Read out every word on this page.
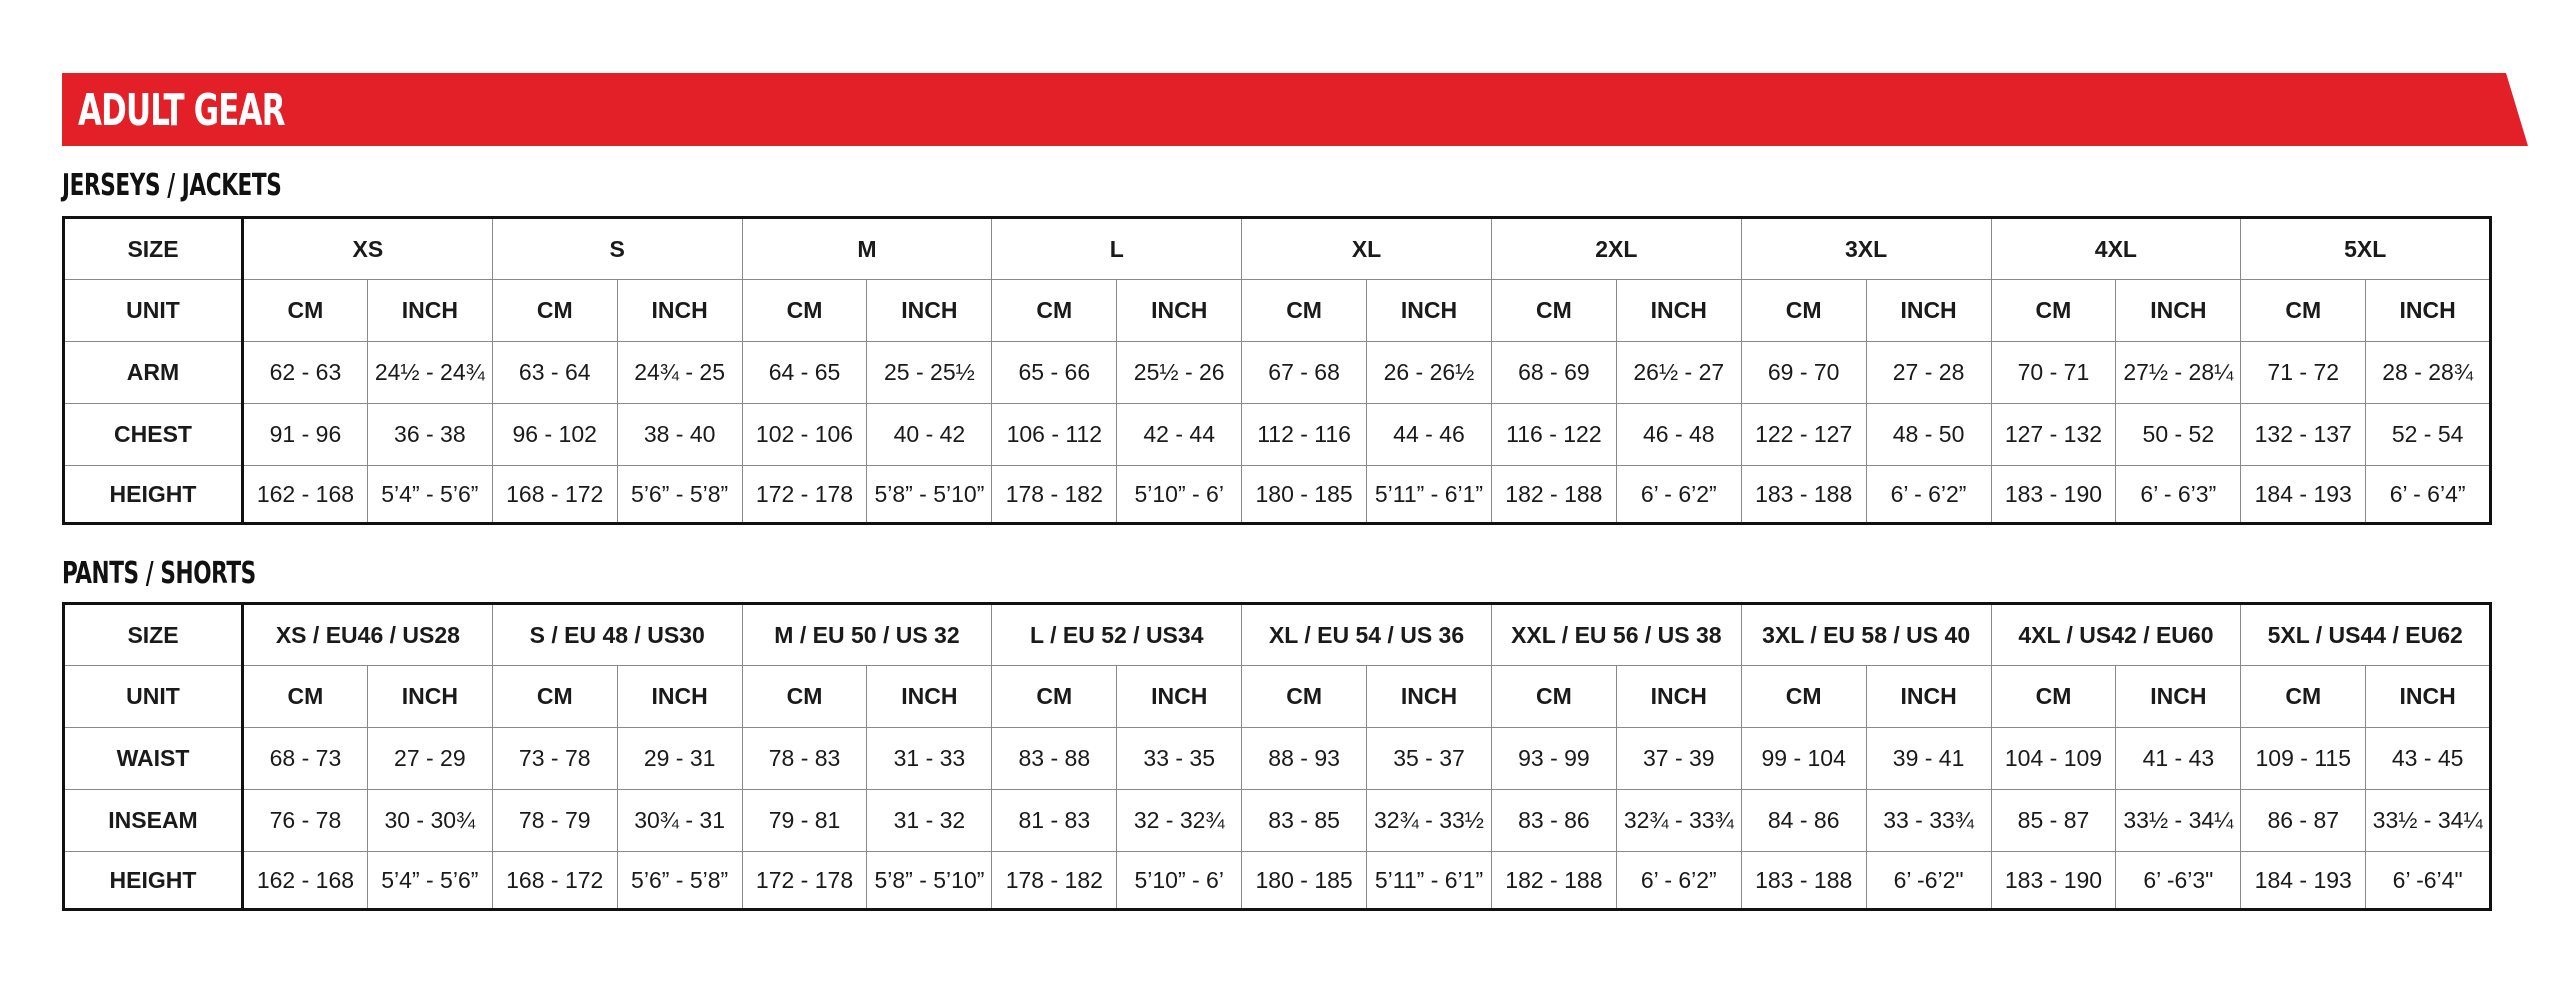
ADULT GEAR
JERSEYS / JACKETS
SIZE	XS		S		M		L		XL		2XL		3XL		4XL		5XL	
UNIT	CM	INCH	CM	INCH	CM	INCH	CM	INCH	CM	INCH	CM	INCH	CM	INCH	CM	INCH	CM	INCH
ARM	62 - 63	24½ - 24¾	63 - 64	24¾ - 25	64 - 65	25 - 25½	65 - 66	25½ - 26	67 - 68	26 - 26½	68 - 69	26½ - 27	69 - 70	27 - 28	70 - 71	27½ - 28¼	71 - 72	28 - 28¾
CHEST	91 - 96	36 - 38	96 - 102	38 - 40	102 - 106	40 - 42	106 - 112	42 - 44	112 - 116	44 - 46	116 - 122	46 - 48	122 - 127	48 - 50	127 - 132	50 - 52	132 - 137	52 - 54
HEIGHT	162 - 168	5’4” - 5’6”	168 - 172	5’6” - 5’8”	172 - 178	5’8” - 5’10”	178 - 182	5’10” - 6’	180 - 185	5’11” - 6’1”	182 - 188	6’ - 6’2”	183 - 188	6’ - 6’2”	183 - 190	6’ - 6’3”	184 - 193	6’ - 6’4”
PANTS / SHORTS
SIZE	XS / EU46 / US28		S / EU 48 / US30		M / EU 50 / US 32		L / EU 52 / US34		XL / EU 54 / US 36		XXL / EU 56 / US 38		3XL / EU 58 / US 40		4XL / US42 / EU60		5XL / US44 / EU62	
UNIT	CM	INCH	CM	INCH	CM	INCH	CM	INCH	CM	INCH	CM	INCH	CM	INCH	CM	INCH	CM	INCH
WAIST	68 - 73	27 - 29	73 - 78	29 - 31	78 - 83	31 - 33	83 - 88	33 - 35	88 - 93	35 - 37	93 - 99	37 - 39	99 - 104	39 - 41	104 - 109	41 - 43	109 - 115	43 - 45
INSEAM	76 - 78	30 - 30¾	78 - 79	30¾ - 31	79 - 81	31 - 32	81 - 83	32 - 32¾	83 - 85	32¾ - 33½	83 - 86	32¾ - 33¾	84 - 86	33 - 33¾	85 - 87	33½ - 34¼	86 - 87	33½ - 34¼
HEIGHT	162 - 168	5’4” - 5’6”	168 - 172	5’6” - 5’8”	172 - 178	5’8” - 5’10”	178 - 182	5’10” - 6’	180 - 185	5’11” - 6’1”	182 - 188	6’ - 6’2”	183 - 188	6’ -6’2"	183 - 190	6’ -6’3"	184 - 193	6’ -6’4"
